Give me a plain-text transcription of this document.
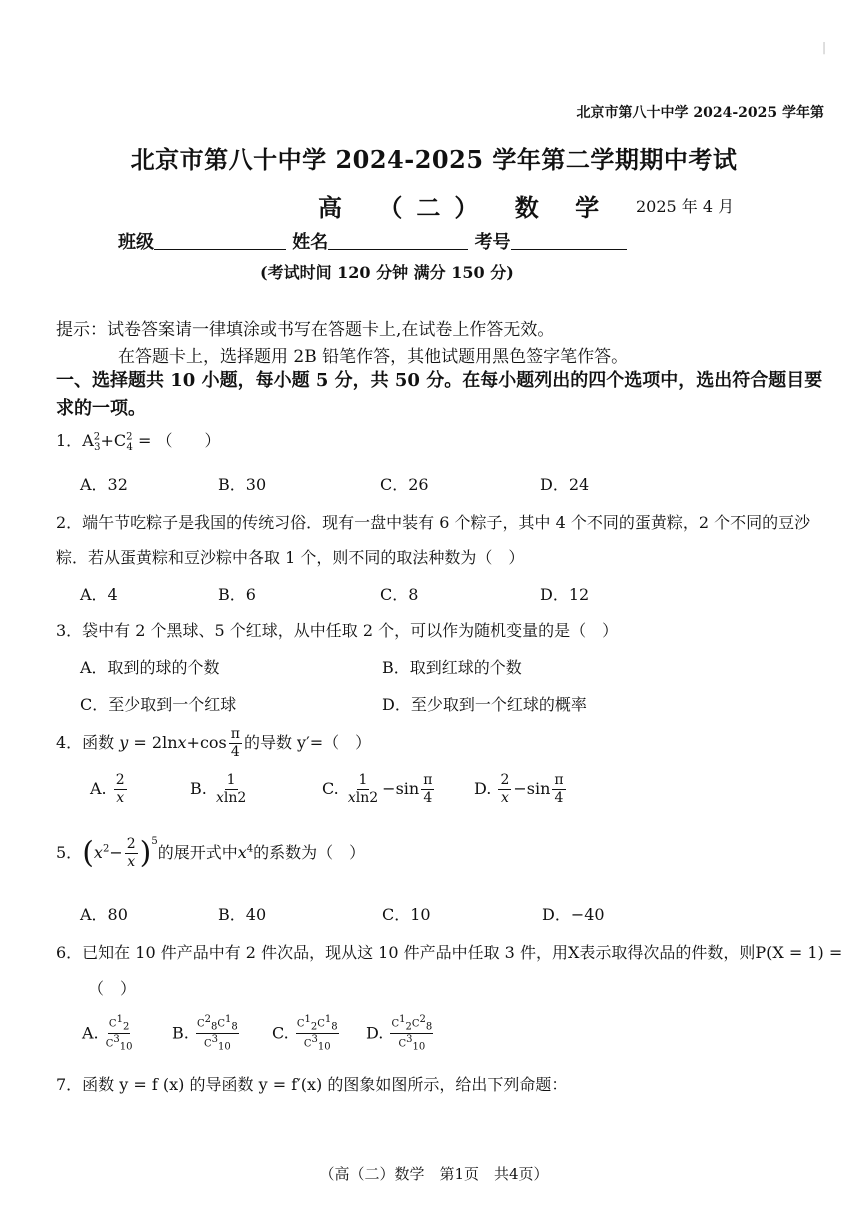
|
北京市第八十中学 2024-2025 学年第
北京市第八十中学 2024-2025 学年第二学期期中考试
高 （二） 数 学 2025 年 4 月
班级	姓名	考号
(考试时间 120 分钟 满分 150 分)
提示：试卷答案请一律填涂或书写在答题卡上,在试卷上作答无效。
在答题卡上，选择题用 2B 铅笔作答，其他试题用黑色签字笔作答。
一、选择题共 10 小题，每小题 5 分，共 50 分。在每小题列出的四个选项中，选出符合题目要求的一项。
1．$A^2_3+C^2_4$ = （　　）
A．32	B．30	C．26	D．24
2．端午节吃粽子是我国的传统习俗．现有一盘中装有 6 个粽子，其中 4 个不同的蛋黄粽，2 个不同的豆沙
粽．若从蛋黄粽和豆沙粽中各取 1 个，则不同的取法种数为（　）
A．4	B．6	C．8	D．12
3．袋中有 2 个黑球、5 个红球，从中任取 2 个，可以作为随机变量的是（　）
A．取到的球的个数	B．取到红球的个数
C．至少取到一个红球	D．至少取到一个红球的概率
4．函数 $y = 2\ln x+\cos \frac{\pi}{4}$ 的导数 y′=（　）
A. $\frac{2}{x}$	B. $\frac{1}{xln2}$	C. $\frac{1}{xln2} -\sin \frac{\pi}{4} D$. $\frac{2}{x} -\sin \frac{\pi}{4}$
5．$(x^2- \frac{2}{x} )^5$的展开式中$x^4$的系数为（　）
A．80	B．40	C．10	D．−40
6．已知在 10 件产品中有 2 件次品，现从这 10 件产品中任取 3 件，用X表示取得次品的件数，则P(X = 1) =
（　）
A. $\frac{C^1_2}{C^3_{10}} B$. $\frac{C^2_8C^1_8}{C^3_{10}} C$. $\frac{C^1_2C^1_8}{C^3_{10}} D$. $\frac{C^1_2C^2_8}{C^3_{10}}$
7．函数 y = f (x) 的导函数 y = f′(x) 的图象如图所示，给出下列命题：
（高（二）数学　第1页　共4页）
